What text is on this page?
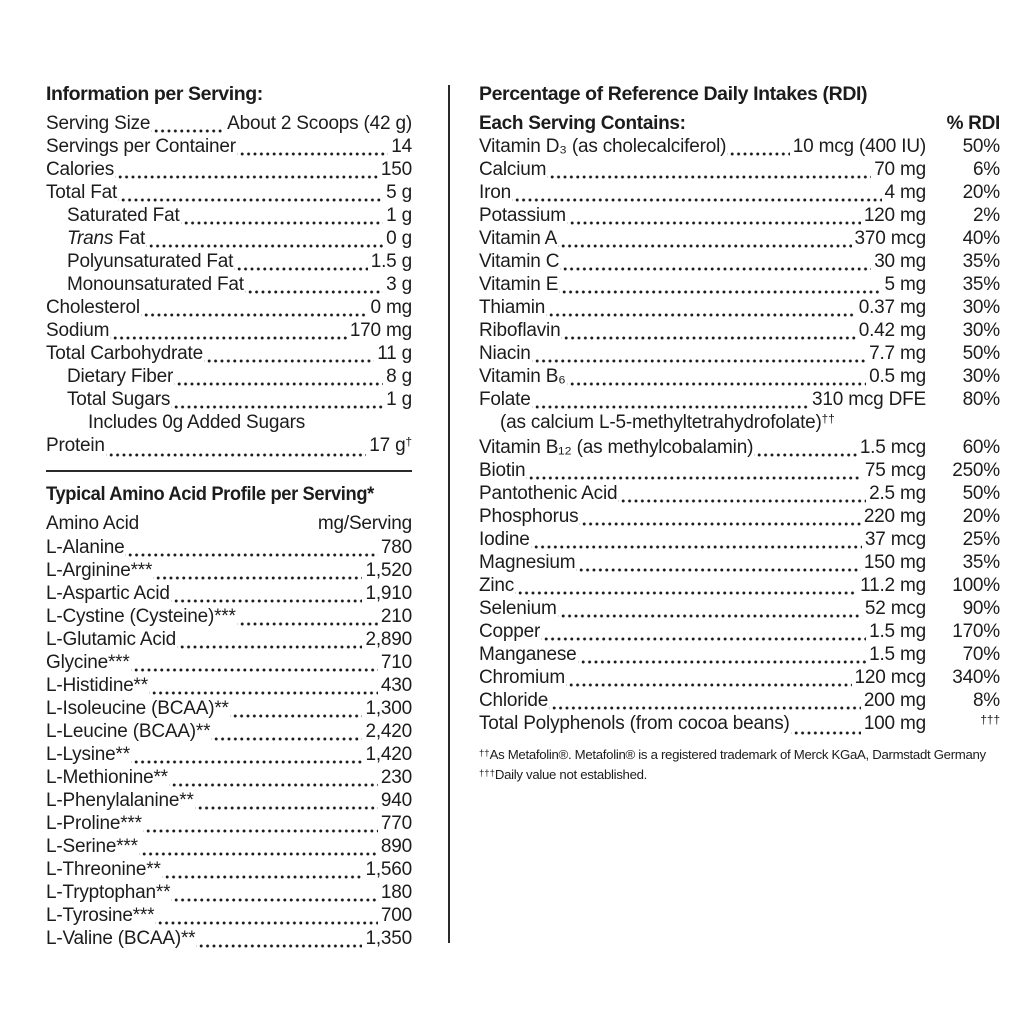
Information per Serving:
Serving Size	About 2 Scoops (42 g)
Servings per Container	14
Calories	150
Total Fat	5 g
Saturated Fat	1 g
Trans Fat	0 g
Polyunsaturated Fat	1.5 g
Monounsaturated Fat	3 g
Cholesterol	0 mg
Sodium	170 mg
Total Carbohydrate	11 g
Dietary Fiber	8 g
Total Sugars	1 g
Includes 0g Added Sugars
Protein	17 g†
Typical Amino Acid Profile per Serving*
Amino Acid	mg/Serving
L-Alanine	780
L-Arginine***	1,520
L-Aspartic Acid	1,910
L-Cystine (Cysteine)***	210
L-Glutamic Acid	2,890
Glycine***	710
L-Histidine**	430
L-Isoleucine (BCAA)**	1,300
L-Leucine (BCAA)**	2,420
L-Lysine**	1,420
L-Methionine**	230
L-Phenylalanine**	940
L-Proline***	770
L-Serine***	890
L-Threonine**	1,560
L-Tryptophan**	180
L-Tyrosine***	700
L-Valine (BCAA)**	1,350
Percentage of Reference Daily Intakes (RDI)
Each Serving Contains:	% RDI
Vitamin D₃ (as cholecalciferol)	10 mcg (400 IU)	50%
Calcium	70 mg	6%
Iron	4 mg	20%
Potassium	120 mg	2%
Vitamin A	370 mcg	40%
Vitamin C	30 mg	35%
Vitamin E	5 mg	35%
Thiamin	0.37 mg	30%
Riboflavin	0.42 mg	30%
Niacin	7.7 mg	50%
Vitamin B₆	0.5 mg	30%
Folate	310 mcg DFE	80%
(as calcium L-5-methyltetrahydrofolate)††
Vitamin B₁₂ (as methylcobalamin)	1.5 mcg	60%
Biotin	75 mcg	250%
Pantothenic Acid	2.5 mg	50%
Phosphorus	220 mg	20%
Iodine	37 mcg	25%
Magnesium	150 mg	35%
Zinc	11.2 mg	100%
Selenium	52 mcg	90%
Copper	1.5 mg	170%
Manganese	1.5 mg	70%
Chromium	120 mcg	340%
Chloride	200 mg	8%
Total Polyphenols (from cocoa beans)	100 mg	†††
††As Metafolin®. Metafolin® is a registered trademark of Merck KGaA, Darmstadt Germany
†††Daily value not established.
